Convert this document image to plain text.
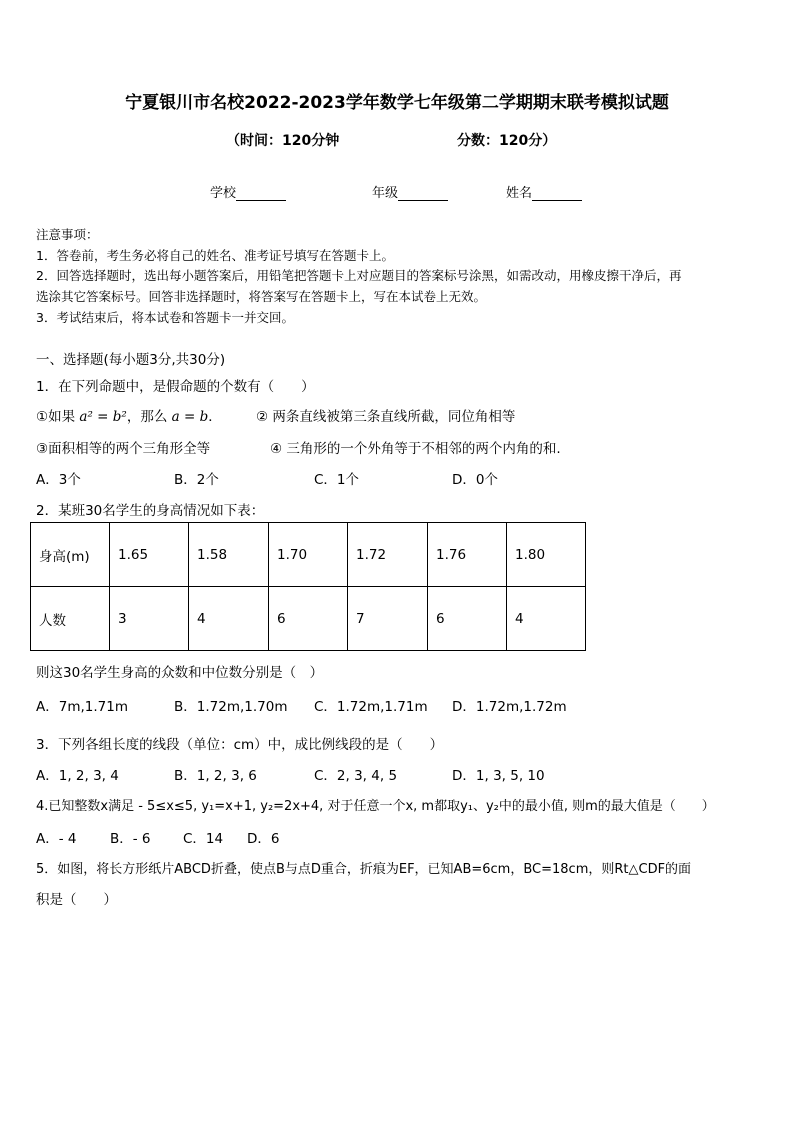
宁夏银川市名校2022-2023学年数学七年级第二学期期末联考模拟试题
（时间：120分钟	分数：120分）
学校	年级	姓名
注意事项：
1．答卷前，考生务必将自己的姓名、准考证号填写在答题卡上。
2．回答选择题时，选出每小题答案后，用铅笔把答题卡上对应题目的答案标号涂黑，如需改动，用橡皮擦干净后，再
选涂其它答案标号。回答非选择题时，将答案写在答题卡上，写在本试卷上无效。
3．考试结束后，将本试卷和答题卡一并交回。
一、选择题(每小题3分,共30分)
1．在下列命题中，是假命题的个数有（　　）
①如果 a² = b²，那么 a = b．	② 两条直线被第三条直线所截，同位角相等
③面积相等的两个三角形全等	④ 三角形的一个外角等于不相邻的两个内角的和.
A．3个	B．2个	C．1个	D．0个
2．某班30名学生的身高情况如下表：
身高(m)	1.65	1.58	1.70	1.72	1.76	1.80
人数	3	4	6	7	6	4
则这30名学生身高的众数和中位数分别是（　）
A．7m,1.71m	B．1.72m,1.70m C．1.72m,1.71m D．1.72m,1.72m
3．下列各组长度的线段（单位：cm）中，成比例线段的是（　　）
A．1, 2, 3, 4	B．1, 2, 3, 6	C．2, 3, 4, 5	D．1, 3, 5, 10
4.已知整数x满足 - 5≤x≤5, y₁=x+1, y₂=2x+4, 对于任意一个x, m都取y₁、y₂中的最小值, 则m的最大值是（　　）
A．- 4 B．- 6 C．14 D．6
5．如图，将长方形纸片ABCD折叠，使点B与点D重合，折痕为EF，已知AB=6cm，BC=18cm，则Rt△CDF的面
积是（　　）
